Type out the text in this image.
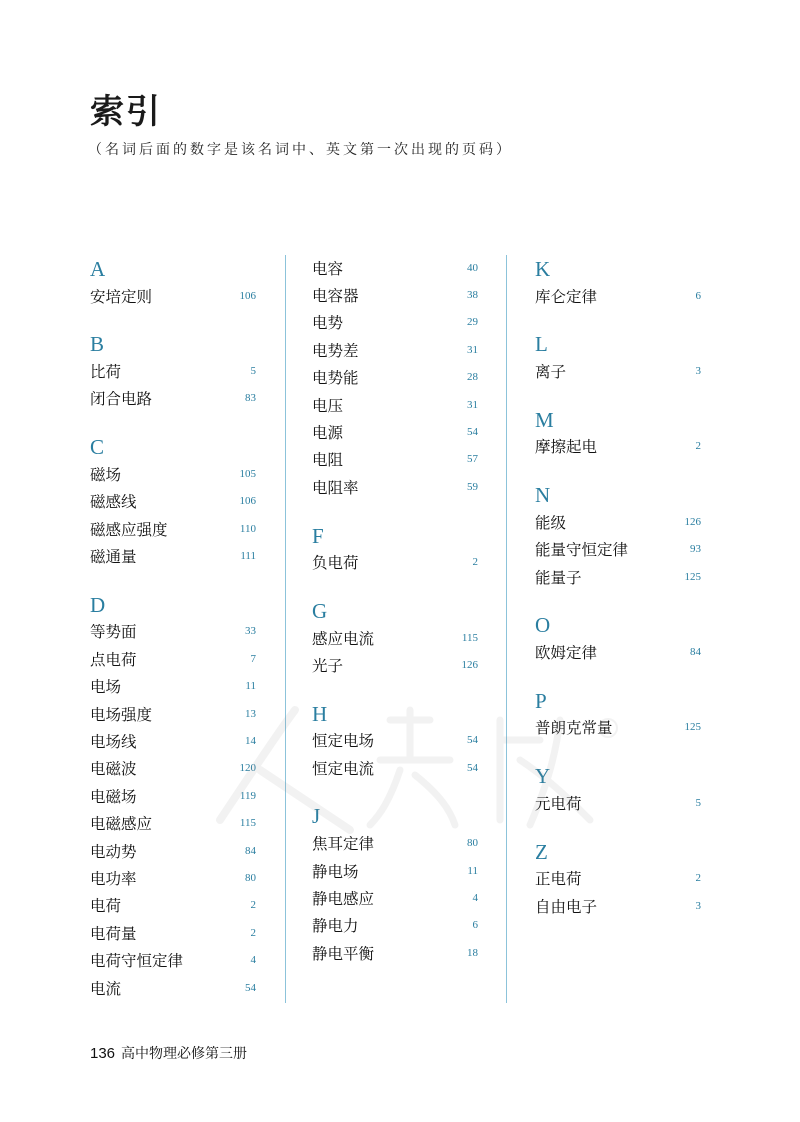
索引
（名词后面的数字是该名词中、英文第一次出现的页码）
A
安培定则	106
B
比荷	5
闭合电路	83
C
磁场	105
磁感线	106
磁感应强度	110
磁通量	111
D
等势面	33
点电荷	7
电场	11
电场强度	13
电场线	14
电磁波	120
电磁场	119
电磁感应	115
电动势	84
电功率	80
电荷	2
电荷量	2
电荷守恒定律	4
电流	54
电容	40
电容器	38
电势	29
电势差	31
电势能	28
电压	31
电源	54
电阻	57
电阻率	59
F
负电荷	2
G
感应电流	115
光子	126
H
恒定电场	54
恒定电流	54
J
焦耳定律	80
静电场	11
静电感应	4
静电力	6
静电平衡	18
K
库仑定律	6
L
离子	3
M
摩擦起电	2
N
能级	126
能量守恒定律	93
能量子	125
O
欧姆定律	84
P
普朗克常量	125
Y
元电荷	5
Z
正电荷	2
自由电子	3
136 高中物理必修第三册
